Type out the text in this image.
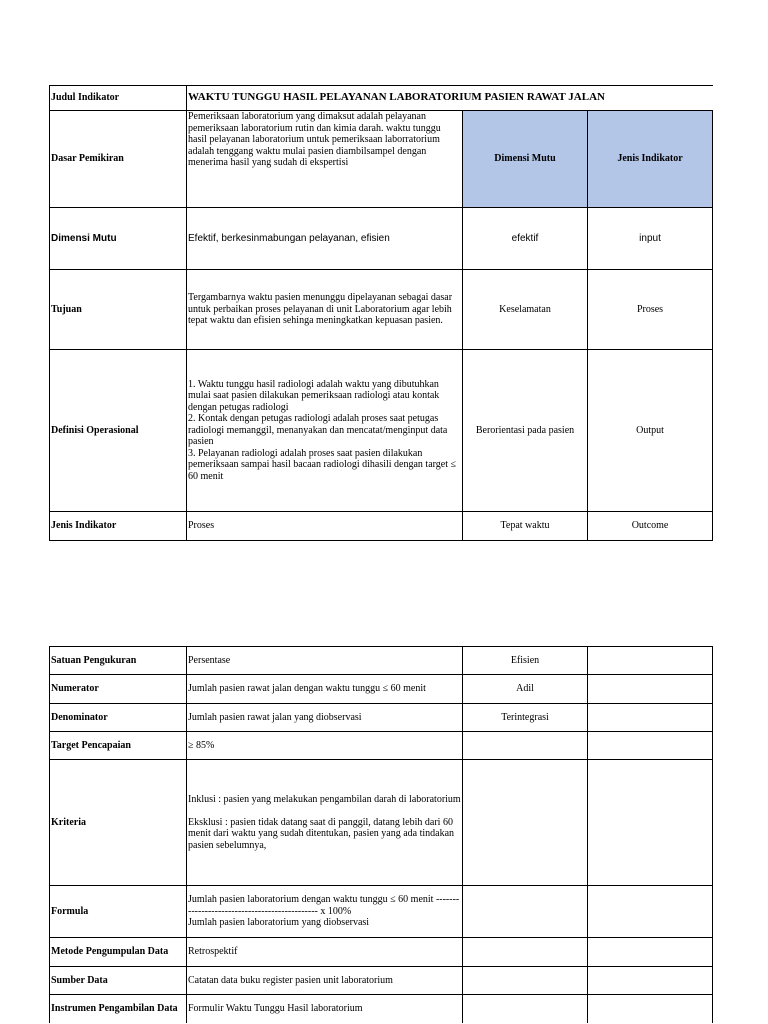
Judul Indikator	WAKTU TUNGGU HASIL PELAYANAN LABORATORIUM PASIEN RAWAT JALAN		
Dasar Pemikiran	Pemeriksaan laboratorium yang dimaksut adalah pelayanan pemeriksaan laboratorium rutin dan kimia darah. waktu tunggu hasil pelayanan laboratorium untuk pemeriksaan laborratorium adalah tenggang waktu mulai pasien diambilsampel dengan menerima hasil yang sudah di ekspertisi	Dimensi Mutu	Jenis Indikator
Dimensi Mutu	Efektif, berkesinmabungan pelayanan, efisien	efektif	input
Tujuan	Tergambarnya waktu pasien menunggu dipelayanan sebagai dasar untuk perbaikan proses pelayanan di unit Laboratorium agar lebih tepat waktu dan efisien sehinga meningkatkan kepuasan pasien.	Keselamatan	Proses
Definisi Operasional	1. Waktu tunggu hasil radiologi adalah waktu yang dibutuhkan mulai saat pasien dilakukan pemeriksaan radiologi atau kontak dengan petugas radiologi
2. Kontak dengan petugas radiologi adalah proses saat petugas radiologi memanggil, menanyakan dan mencatat/menginput data pasien
3. Pelayanan radiologi adalah proses saat pasien dilakukan pemeriksaan sampai hasil bacaan radiologi dihasili dengan target ≤ 60 menit	Berorientasi pada pasien	Output
Jenis Indikator	Proses	Tepat waktu	Outcome
Satuan Pengukuran	Persentase	Efisien	
Numerator	Jumlah pasien rawat jalan dengan waktu tunggu ≤ 60 menit	Adil	
Denominator	Jumlah pasien rawat jalan yang diobservasi	Terintegrasi	
Target Pencapaian	≥ 85%		
Kriteria	Inklusi : pasien yang melakukan pengambilan darah di laboratorium

Eksklusi : pasien tidak datang saat di panggil, datang lebih dari 60 menit dari waktu yang sudah ditentukan, pasien yang ada tindakan pasien sebelumnya,		
Formula	Jumlah pasien laboratorium dengan waktu tunggu ≤ 60 menit ---------------------------------------------- x 100%
Jumlah pasien laboratorium yang diobservasi		
Metode Pengumpulan Data	Retrospektif		
Sumber Data	Catatan data buku register pasien unit laboratorium		
Instrumen Pengambilan Data	Formulir Waktu Tunggu Hasil laboratorium		
